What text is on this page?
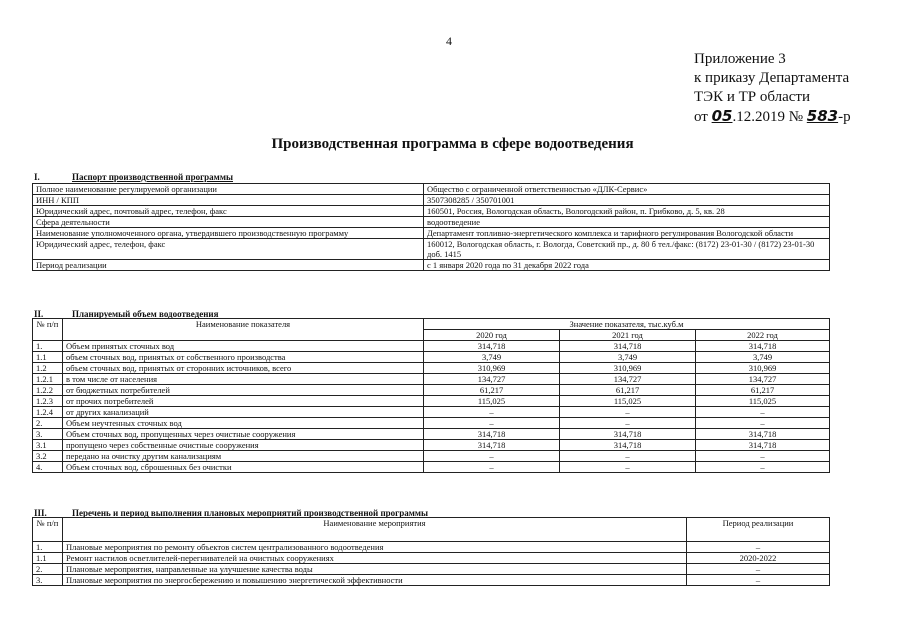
4
Приложение 3
к приказу Департамента
ТЭК и ТР области
от 05.12.2019 № 583-р
Производственная программа в сфере водоотведения
I.	Паспорт производственной программы
Полное наименование регулируемой организации	Общество с ограниченной ответственностью «ДЛК-Сервис»
ИНН / КПП	3507308285 / 350701001
Юридический адрес, почтовый адрес, телефон, факс	160501, Россия, Вологодская область, Вологодский район, п. Грибково, д. 5, кв. 28
Сфера деятельности	водоотведение
Наименование уполномоченного органа, утвердившего производственную программу	Департамент топливно-энергетического комплекса и тарифного регулирования Вологодской области
Юридический адрес, телефон, факс	160012, Вологодская область, г. Вологда, Советский пр., д. 80 б тел./факс: (8172) 23-01-30 / (8172) 23-01-30 доб. 1415
Период реализации	с 1 января 2020 года по 31 декабря 2022 года
II.	Планируемый объем водоотведения
№ п/п	Наименование показателя	Значение показателя, тыс.куб.м		
		2020 год	2021 год	2022 год
1.	Объем принятых сточных вод	314,718	314,718	314,718
1.1	объем сточных вод, принятых от собственного производства	3,749	3,749	3,749
1.2	объем сточных вод, принятых от сторонних источников, всего	310,969	310,969	310,969
1.2.1	в том числе от населения	134,727	134,727	134,727
1.2.2	от бюджетных потребителей	61,217	61,217	61,217
1.2.3	от прочих потребителей	115,025	115,025	115,025
1.2.4	от других канализаций	–	–	–
2.	Объем неучтенных сточных вод	–	–	–
3.	Объем сточных вод, пропущенных через очистные сооружения	314,718	314,718	314,718
3.1	пропущено через собственные очистные сооружения	314,718	314,718	314,718
3.2	передано на очистку другим канализациям	–	–	–
4.	Объем сточных вод, сброшенных без очистки	–	–	–
III.	Перечень и период выполнения плановых мероприятий производственной программы
№ п/п	Наименование мероприятия	Период реализации
1.	Плановые мероприятия по ремонту объектов систем централизованного водоотведения	–
1.1	Ремонт настилов осветлителей-перегнивателей на очистных сооружениях	2020-2022
2.	Плановые мероприятия, направленные на улучшение качества воды	–
3.	Плановые мероприятия по энергосбережению и повышению энергетической эффективности	–
